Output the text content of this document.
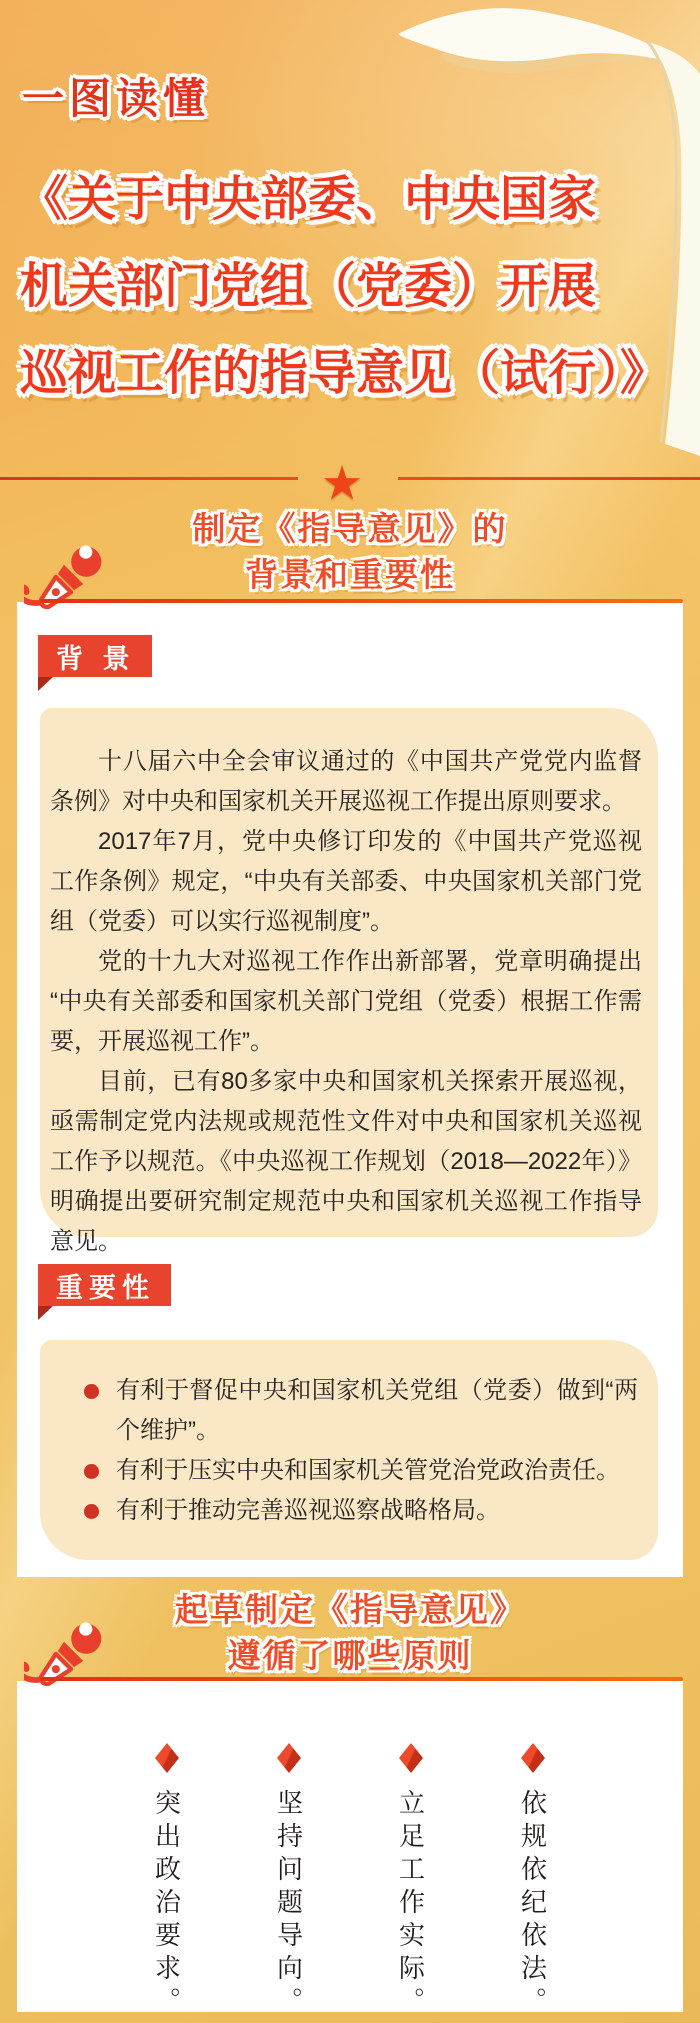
一图读懂
《关于中央部委、中央国家
机关部门党组（党委）开展
巡视工作的指导意见（试行）》
★
制定《指导意见》的
背景和重要性
背 景

十八届六中全会审议通过的《中国共产党党内监督条例》对中央和国家机关开展巡视工作提出原则要求。

2017年7月，党中央修订印发的《中国共产党巡视工作条例》规定，“中央有关部委、中央国家机关部门党组（党委）可以实行巡视制度”。

党的十九大对巡视工作作出新部署，党章明确提出“中央有关部委和国家机关部门党组（党委）根据工作需要，开展巡视工作”。

目前，已有80多家中央和国家机关探索开展巡视，亟需制定党内法规或规范性文件对中央和国家机关巡视工作予以规范。《中央巡视工作规划（2018—2022年）》明确提出要研究制定规范中央和国家机关巡视工作指导意见。

重要性
有利于督促中央和国家机关党组（党委）做到“两个维护”。
有利于压实中央和国家机关管党治党政治责任。
有利于推动完善巡视巡察战略格局。
起草制定《指导意见》
遵循了哪些原则
突出政治要求。	坚持问题导向。	立足工作实际。	依规依纪依法。
